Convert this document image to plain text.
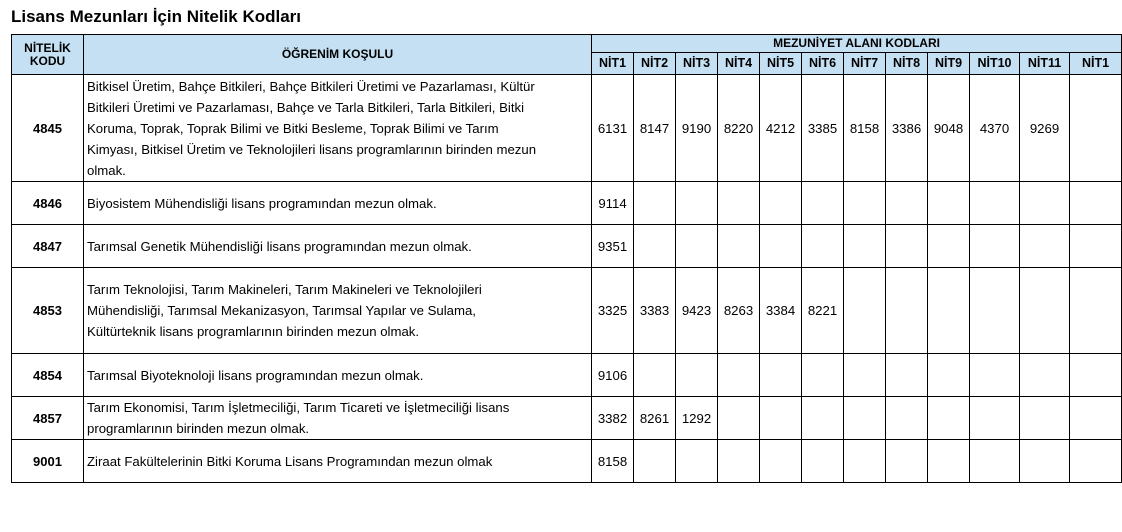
Lisans Mezunları İçin Nitelik Kodları
NİTELİK
KODU	ÖĞRENİM KOŞULU	MEZUNİYET ALANI KODLARI											
		NİT1	NİT2	NİT3	NİT4	NİT5	NİT6	NİT7	NİT8	NİT9	NİT10	NİT11	NİT1
4845	Bitkisel Üretim, Bahçe Bitkileri, Bahçe Bitkileri Üretimi ve Pazarlaması, Kültür
Bitkileri Üretimi ve Pazarlaması, Bahçe ve Tarla Bitkileri, Tarla Bitkileri, Bitki
Koruma, Toprak, Toprak Bilimi ve Bitki Besleme, Toprak Bilimi ve Tarım
Kimyası, Bitkisel Üretim ve Teknolojileri lisans programlarının birinden mezun
olmak.	6131	8147	9190	8220	4212	3385	8158	3386	9048	4370	9269	
4846	Biyosistem Mühendisliği lisans programından mezun olmak.	9114											
4847	Tarımsal Genetik Mühendisliği lisans programından mezun olmak.	9351											
4853	Tarım Teknolojisi, Tarım Makineleri, Tarım Makineleri ve Teknolojileri
Mühendisliği, Tarımsal Mekanizasyon, Tarımsal Yapılar ve Sulama,
Kültürteknik lisans programlarının birinden mezun olmak.	3325	3383	9423	8263	3384	8221						
4854	Tarımsal Biyoteknoloji lisans programından mezun olmak.	9106											
4857	Tarım Ekonomisi, Tarım İşletmeciliği, Tarım Ticareti ve İşletmeciliği lisans
programlarının birinden mezun olmak.	3382	8261	1292									
9001	Ziraat Fakültelerinin Bitki Koruma Lisans Programından mezun olmak	8158											
